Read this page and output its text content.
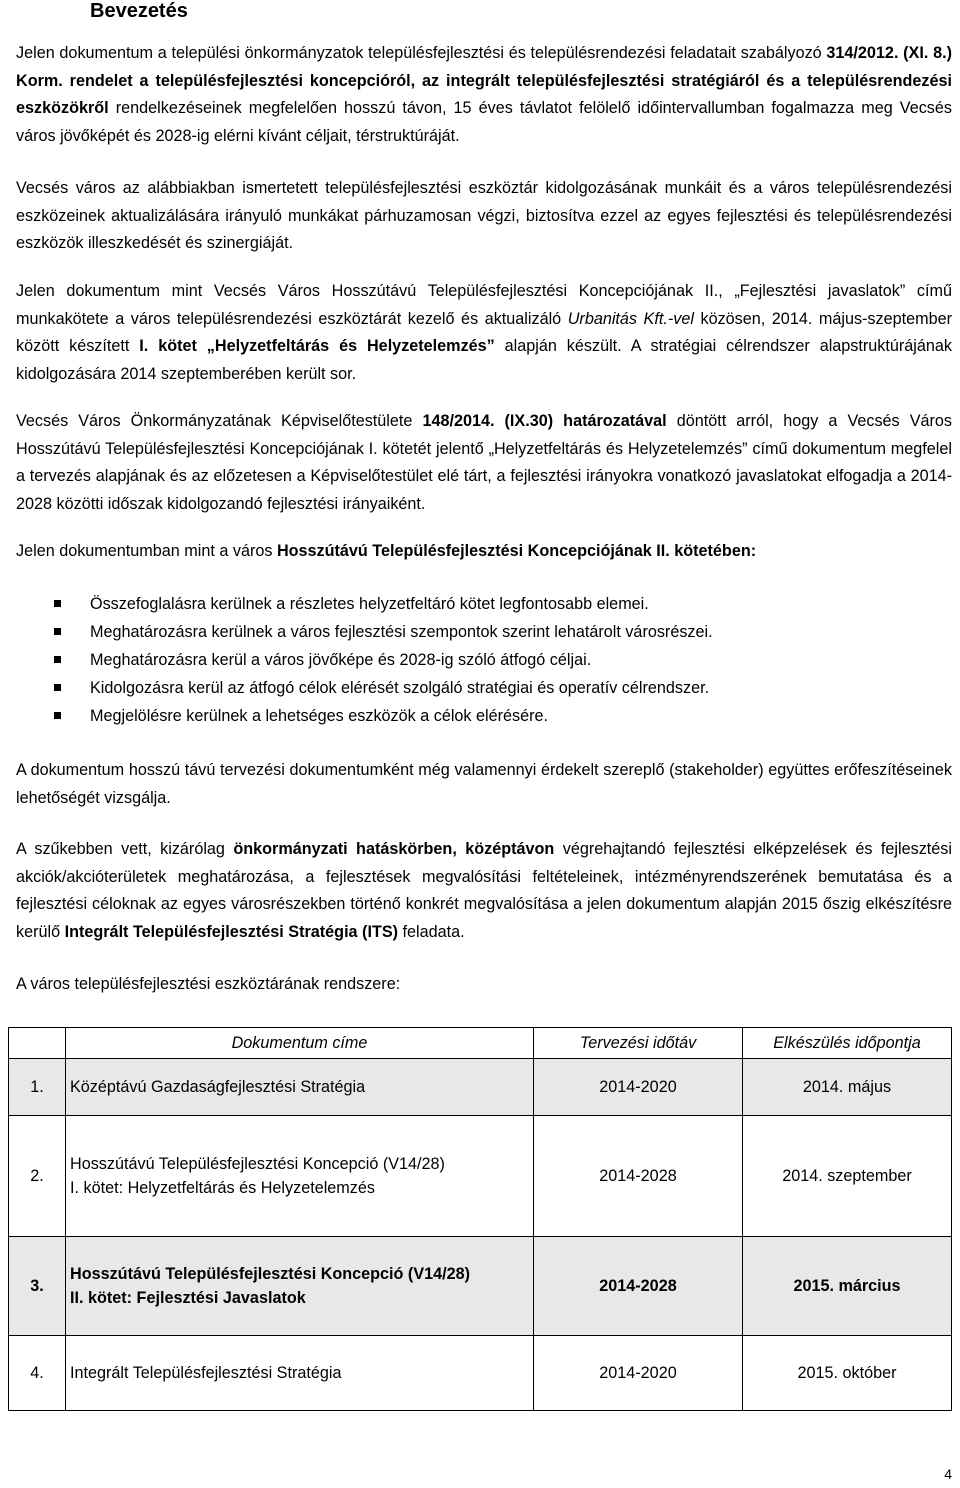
Bevezetés

Jelen dokumentum a települési önkormányzatok településfejlesztési és településrendezési feladatait szabályozó 314/2012. (XI. 8.) Korm. rendelet a településfejlesztési koncepcióról, az integrált településfejlesztési stratégiáról és a településrendezési eszközökről rendelkezéseinek megfelelően hosszú távon, 15 éves távlatot felölelő időintervallumban fogalmazza meg Vecsés város jövőképét és 2028-ig elérni kívánt céljait, térstruktúráját.

Vecsés város az alábbiakban ismertetett településfejlesztési eszköztár kidolgozásának munkáit és a város településrendezési eszközeinek aktualizálására irányuló munkákat párhuzamosan végzi, biztosítva ezzel az egyes fejlesztési és településrendezési eszközök illeszkedését és szinergiáját.

Jelen dokumentum mint Vecsés Város Hosszútávú Településfejlesztési Koncepciójának II., „Fejlesztési javaslatok” című munkakötete a város településrendezési eszköztárát kezelő és aktualizáló Urbanitás Kft.-vel közösen, 2014. május-szeptember között készített I. kötet „Helyzetfeltárás és Helyzetelemzés” alapján készült. A stratégiai célrendszer alapstruktúrájának kidolgozására 2014 szeptemberében került sor.

Vecsés Város Önkormányzatának Képviselőtestülete 148/2014. (IX.30) határozatával döntött arról, hogy a Vecsés Város Hosszútávú Településfejlesztési Koncepciójának I. kötetét jelentő „Helyzetfeltárás és Helyzetelemzés” című dokumentum megfelel a tervezés alapjának és az előzetesen a Képviselőtestület elé tárt, a fejlesztési irányokra vonatkozó javaslatokat elfogadja a 2014-2028 közötti időszak kidolgozandó fejlesztési irányaiként.

Jelen dokumentumban mint a város Hosszútávú Településfejlesztési Koncepciójának II. kötetében:

Összefoglalásra kerülnek a részletes helyzetfeltáró kötet legfontosabb elemei.
Meghatározásra kerülnek a város fejlesztési szempontok szerint lehatárolt városrészei.
Meghatározásra kerül a város jövőképe és 2028-ig szóló átfogó céljai.
Kidolgozásra kerül az átfogó célok elérését szolgáló stratégiai és operatív célrendszer.
Megjelölésre kerülnek a lehetséges eszközök a célok elérésére.

A dokumentum hosszú távú tervezési dokumentumként még valamennyi érdekelt szereplő (stakeholder) együttes erőfeszítéseinek lehetőségét vizsgálja.

A szűkebben vett, kizárólag önkormányzati hatáskörben, középtávon végrehajtandó fejlesztési elképzelések és fejlesztési akciók/akcióterületek meghatározása, a fejlesztések megvalósítási feltételeinek, intézményrendszerének bemutatása és a fejlesztési céloknak az egyes városrészekben történő konkrét megvalósítása a jelen dokumentum alapján 2015 őszig elkészítésre kerülő Integrált Településfejlesztési Stratégia (ITS) feladata.

A város településfejlesztési eszköztárának rendszere:

	Dokumentum címe	Tervezési időtáv	Elkészülés időpontja
1.	Középtávú Gazdaságfejlesztési Stratégia	2014-2020	2014. május
2.	Hosszútávú Településfejlesztési Koncepció (V14/28)
I. kötet: Helyzetfeltárás és Helyzetelemzés	2014-2028	2014. szeptember
3.	Hosszútávú Településfejlesztési Koncepció (V14/28)
II. kötet: Fejlesztési Javaslatok	2014-2028	2015. március
4.	Integrált Településfejlesztési Stratégia	2014-2020	2015. október
4
